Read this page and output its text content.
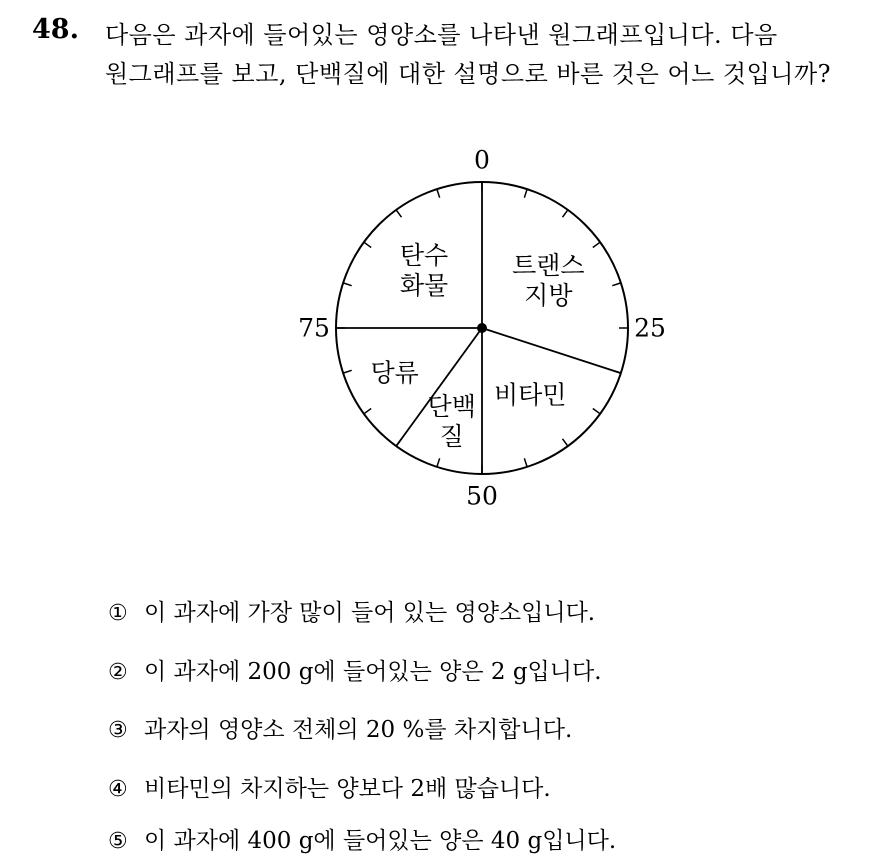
48. 다음은 과자에 들어있는 영양소를 나타낸 원그래프입니다. 다음
원그래프를 보고, 단백질에 대한 설명으로 바른 것은 어느 것입니까?
0
25
50
75
트랜스 지방
비타민
단백 질
당류
탄수 화물
① 이 과자에 가장 많이 들어 있는 영양소입니다.
② 이 과자에 200 g에 들어있는 양은 2 g입니다.
③ 과자의 영양소 전체의 20 %를 차지합니다.
④ 비타민의 차지하는 양보다 2배 많습니다.
⑤ 이 과자에 400 g에 들어있는 양은 40 g입니다.
